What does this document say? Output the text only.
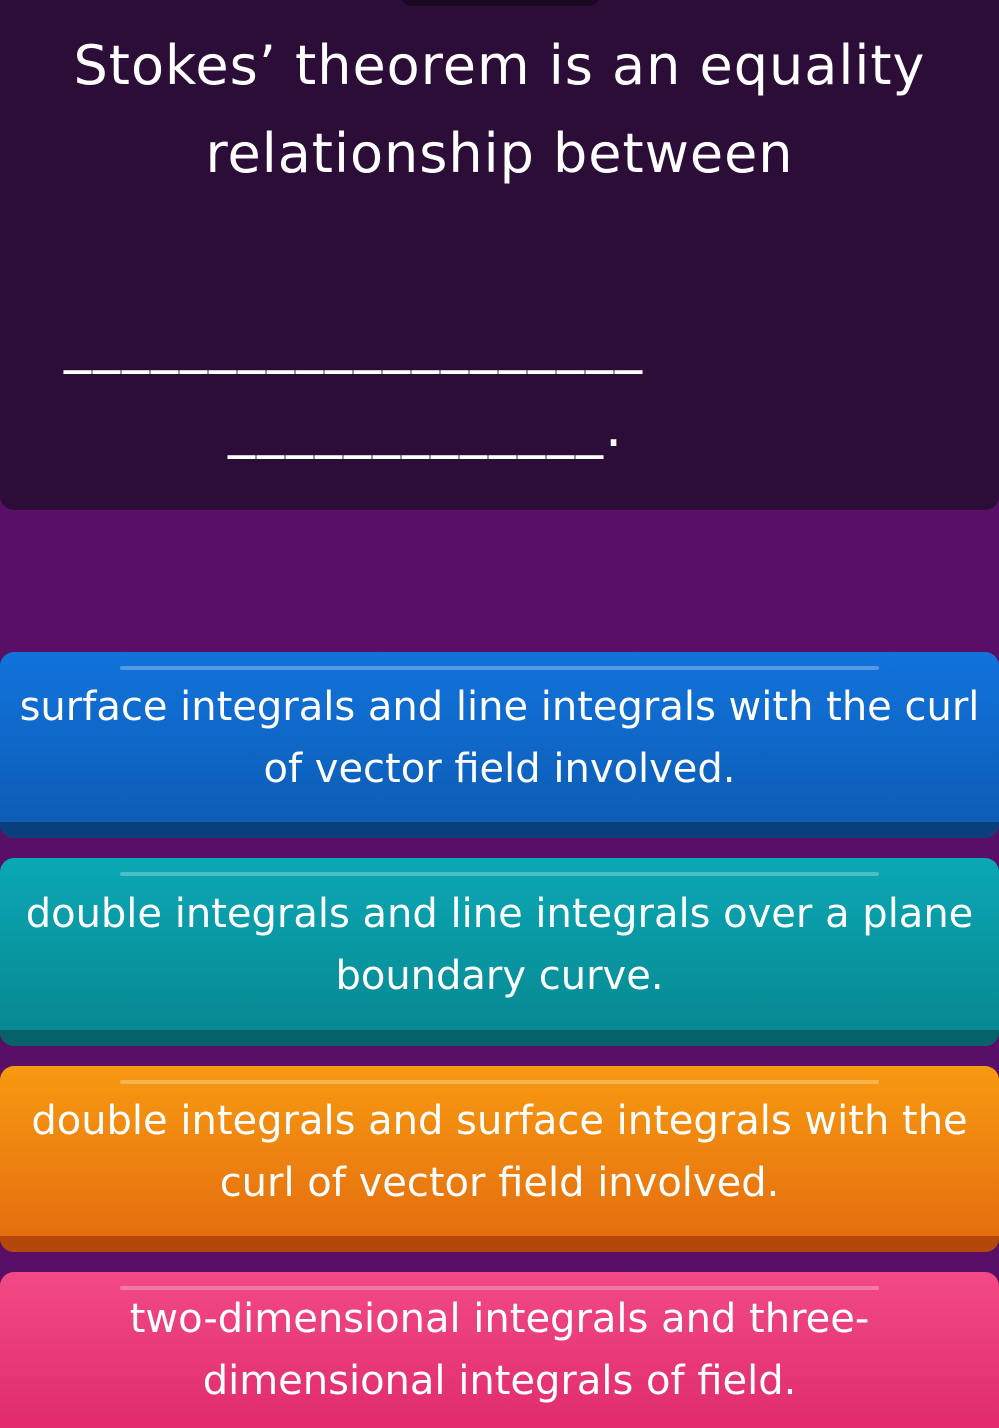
Stokes’ theorem is an equality relationship between
____________________
_____________.
surface integrals and line integrals with the curl of vector field involved.
double integrals and line integrals over a plane boundary curve.
double integrals and surface integrals with the curl of vector field involved.
two-dimensional integrals and three-dimensional integrals of field.
